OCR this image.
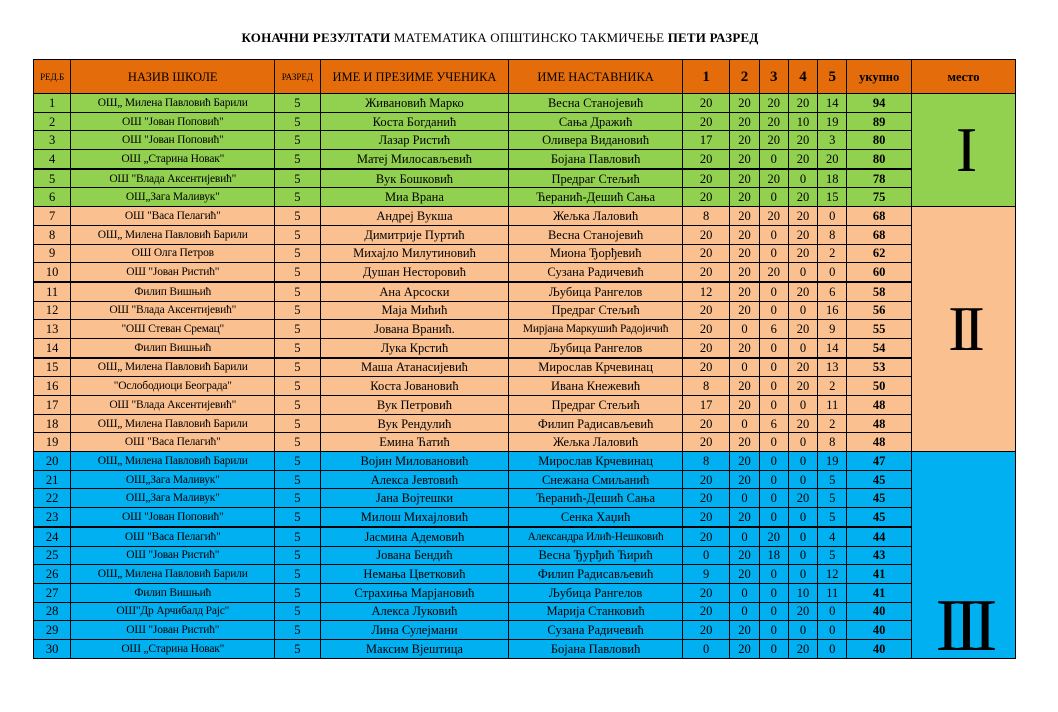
КОНАЧНИ РЕЗУЛТАТИ МАТЕМАТИКА ОПШТИНСКО ТАКМИЧЕЊЕ ПЕТИ РАЗРЕД
РЕД.Б	НАЗИВ ШКОЛЕ	РАЗРЕД	ИМЕ И ПРЕЗИМЕ УЧЕНИКА	ИМЕ НАСТАВНИКА	1	2	3	4	5	укупно	место
1	ОШ„ Милена Павловић Барили	5	Живановић Марко	Весна Станојевић	20	20	20	20	14	94	I
2	ОШ "Јован Поповић"	5	Коста Богданић	Сања Дражић	20	20	20	10	19	89	
3	ОШ "Јован Поповић"	5	Лазар Ристић	Оливера Видановић	17	20	20	20	3	80	
4	ОШ „Старина Новак"	5	Матеј Милосављевић	Бојана Павловић	20	20	0	20	20	80	
5	ОШ "Влада Аксентијевић"	5	Вук Бошковић	Предраг Стељић	20	20	20	0	18	78	
6	ОШ„Зага Маливук"	5	Миа Врана	Ћеранић-Дешић Сања	20	20	0	20	15	75	
7	ОШ "Васа Пелагић"	5	Андреј Вукша	Жељка Лаловић	8	20	20	20	0	68	II
8	ОШ„ Милена Павловић Барили	5	Димитрије Пуртић	Весна Станојевић	20	20	0	20	8	68	
9	ОШ Олга Петров	5	Михајло Милутиновић	Миона Ђорђевић	20	20	0	20	2	62	
10	ОШ "Јован Ристић"	5	Душан Несторовић	Сузана Радичевић	20	20	20	0	0	60	
11	Филип Вишњић	5	Ана Арсоски	Љубица Рангелов	12	20	0	20	6	58	
12	ОШ "Влада Аксентијевић"	5	Маја Мићић	Предраг Стељић	20	20	0	0	16	56	
13	"ОШ Стеван Сремац"	5	Јована Вранић.	Мирјана Маркушић Радојичић	20	0	6	20	9	55	
14	Филип Вишњић	5	Лука Крстић	Љубица Рангелов	20	20	0	0	14	54	
15	ОШ„ Милена Павловић Барили	5	Маша Атанасијевић	Мирослав Крчевинац	20	0	0	20	13	53	
16	"Ослободиоци Београда"	5	Коста Јовановић	Ивана Кнежевић	8	20	0	20	2	50	
17	ОШ "Влада Аксентијевић"	5	Вук Петровић	Предраг Стељић	17	20	0	0	11	48	
18	ОШ„ Милена Павловић Барили	5	Вук Рендулић	Филип Радисављевић	20	0	6	20	2	48	
19	ОШ "Васа Пелагић"	5	Емина Ћатић	Жељка Лаловић	20	20	0	0	8	48	
20	ОШ„ Милена Павловић Барили	5	Војин Миловановић	Мирослав Крчевинац	8	20	0	0	19	47	III
21	ОШ„Зага Маливук"	5	Алекса Јевтовић	Снежана Смиљанић	20	20	0	0	5	45	
22	ОШ„Зага Маливук"	5	Јана Војтешки	Ћеранић-Дешић Сања	20	0	0	20	5	45	
23	ОШ "Јован Поповић"	5	Милош Михајловић	Сенка Хаџић	20	20	0	0	5	45	
24	ОШ "Васа Пелагић"	5	Јасмина Адемовић	Александра Илић-Нешковић	20	0	20	0	4	44	
25	ОШ "Јован Ристић"	5	Јована Бендић	Весна Ђурђић Ћирић	0	20	18	0	5	43	
26	ОШ„ Милена Павловић Барили	5	Немања Цветковић	Филип Радисављевић	9	20	0	0	12	41	
27	Филип Вишњић	5	Страхиња Марјановић	Љубица Рангелов	20	0	0	10	11	41	
28	ОШ"Др Арчибалд Рајс"	5	Алекса Луковић	Марија Станковић	20	0	0	20	0	40	
29	ОШ "Јован Ристић"	5	Лина Сулејмани	Сузана Радичевић	20	20	0	0	0	40	
30	ОШ „Старина Новак"	5	Максим Вјештица	Бојана Павловић	0	20	0	20	0	40	
